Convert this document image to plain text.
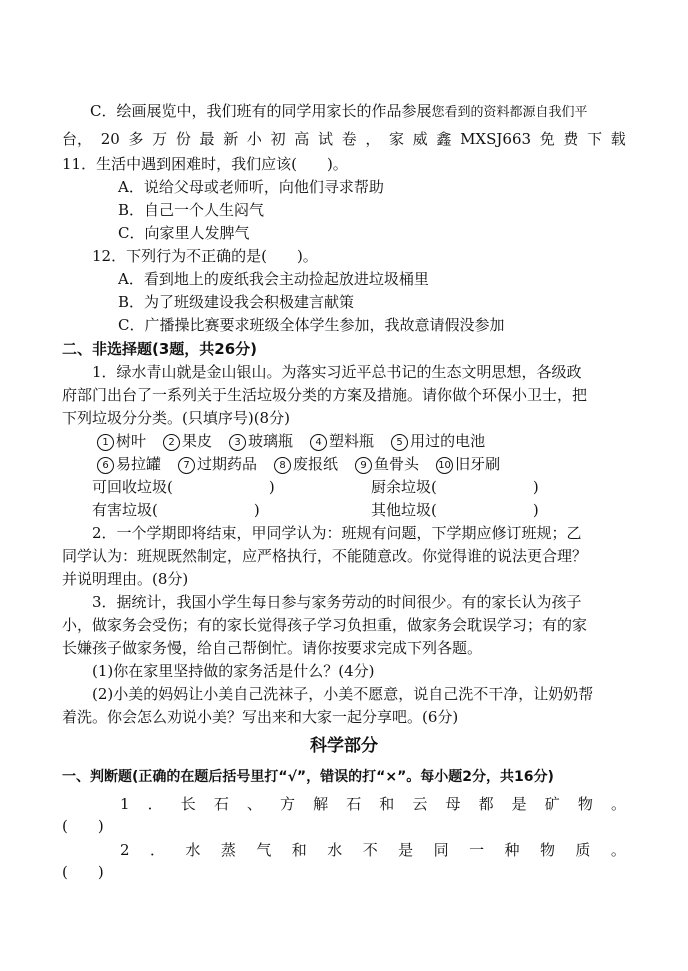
C．绘画展览中，我们班有的同学用家长的作品参展您看到的资料都源自我们平
台， 20 多 万 份 最 新 小 初 高 试 卷 ， 家 威 鑫 MXSJ663 免 费 下 载
11．生活中遇到困难时，我们应该(　　)。
A．说给父母或老师听，向他们寻求帮助
B．自己一个人生闷气
C．向家里人发脾气
12．下列行为不正确的是(　　)。
A．看到地上的废纸我会主动捡起放进垃圾桶里
B．为了班级建设我会积极建言献策
C．广播操比赛要求班级全体学生参加，我故意请假没参加
二、非选择题(3题，共26分)
1．绿水青山就是金山银山。为落实习近平总书记的生态文明思想，各级政
府部门出台了一系列关于生活垃圾分类的方案及措施。请你做个环保小卫士，把
下列垃圾分分类。(只填序号)(8分)
1 树叶 2 果皮 3 玻璃瓶 4 塑料瓶 5 用过的电池
6 易拉罐 7 过期药品 8 废报纸 9 鱼骨头 10 旧牙刷
可回收垃圾(	)	厨余垃圾(	)
有害垃圾(	)	其他垃圾(	)
2．一个学期即将结束，甲同学认为：班规有问题，下学期应修订班规；乙
同学认为：班规既然制定，应严格执行，不能随意改。你觉得谁的说法更合理？
并说明理由。(8分)
3．据统计，我国小学生每日参与家务劳动的时间很少。有的家长认为孩子
小，做家务会受伤；有的家长觉得孩子学习负担重，做家务会耽误学习；有的家
长嫌孩子做家务慢，给自己帮倒忙。请你按要求完成下列各题。
(1)你在家里坚持做的家务活是什么？(4分)
(2)小美的妈妈让小美自己洗袜子，小美不愿意，说自己洗不干净，让奶奶帮
着洗。你会怎么劝说小美？写出来和大家一起分享吧。(6分)
科学部分
一、判断题(正确的在题后括号里打“√”，错误的打“×”。每小题2分，共16分)
1 ． 长 石 、 方 解 石 和 云 母 都 是 矿 物 。
(　　)
2 ． 水 蒸 气 和 水 不 是 同 一 种 物 质 。
(　　)
